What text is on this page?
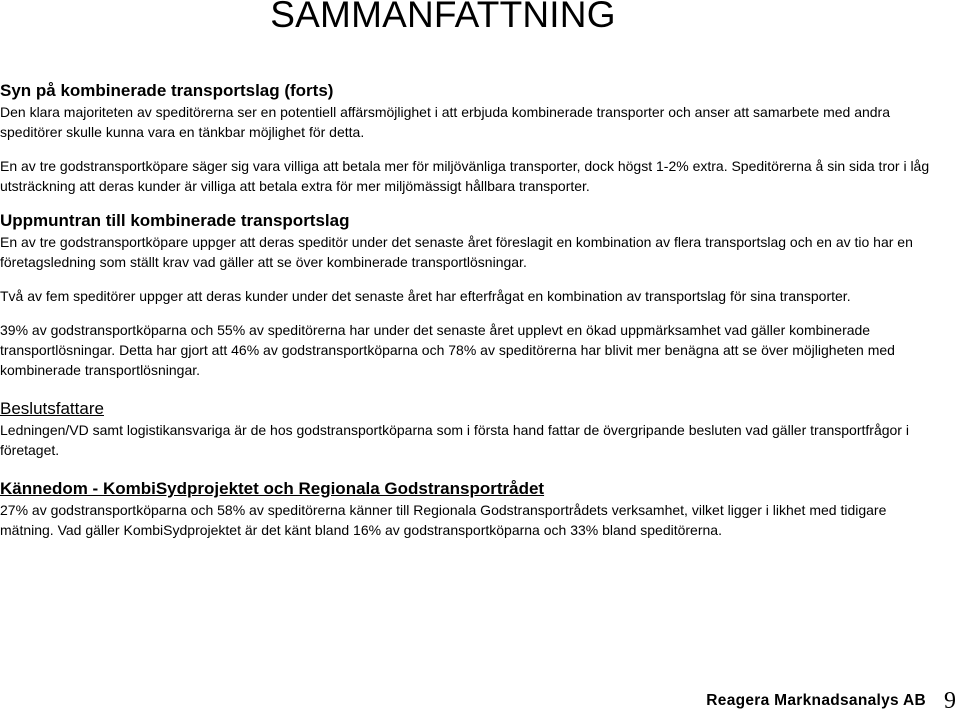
SAMMANFATTNING
Syn på kombinerade transportslag (forts)

Den klara majoriteten av speditörerna ser en potentiell affärsmöjlighet i att erbjuda kombinerade transporter och anser att samarbete med andra speditörer skulle kunna vara en tänkbar möjlighet för detta.

En av tre godstransportköpare säger sig vara villiga att betala mer för miljövänliga transporter, dock högst 1-2% extra. Speditörerna å sin sida tror i låg utsträckning att deras kunder är villiga att betala extra för mer miljömässigt hållbara transporter.

Uppmuntran till kombinerade transportslag

En av tre godstransportköpare uppger att deras speditör under det senaste året föreslagit en kombination av flera transportslag och en av tio har en företagsledning som ställt krav vad gäller att se över kombinerade transportlösningar.

Två av fem speditörer uppger att deras kunder under det senaste året har efterfrågat en kombination av transportslag för sina transporter.

39% av godstransportköparna och 55% av speditörerna har under det senaste året upplevt en ökad uppmärksamhet vad gäller kombinerade transportlösningar. Detta har gjort att 46% av godstransportköparna och 78% av speditörerna har blivit mer benägna att se över möjligheten med kombinerade transportlösningar.

Beslutsfattare

Ledningen/VD samt logistikansvariga är de hos godstransportköparna som i första hand fattar de övergripande besluten vad gäller transportfrågor i företaget.

Kännedom - KombiSydprojektet och Regionala Godstransportrådet

27% av godstransportköparna och 58% av speditörerna känner till Regionala Godstransportrådets verksamhet, vilket ligger i likhet med tidigare mätning. Vad gäller KombiSydprojektet är det känt bland 16% av godstransportköparna och 33% bland speditörerna.

Reagera Marknadsanalys AB 9
